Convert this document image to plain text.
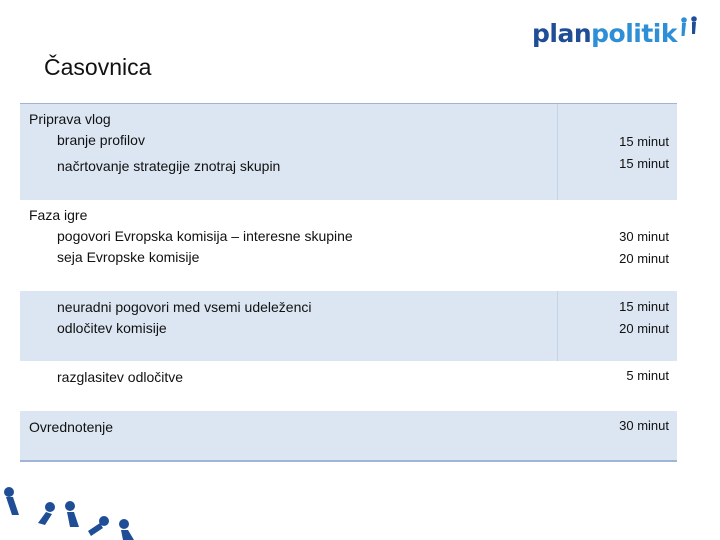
planpolitik
Časovnica
Priprava vlog
branje profilov
načrtovanje strategije znotraj skupin
15 minut
15 minut
Faza igre
pogovori Evropska komisija – interesne skupine
seja Evropske komisije
30 minut
20 minut
neuradni pogovori med vsemi udeleženci
odločitev komisije
15 minut
20 minut
razglasitev odločitve	5 minut
Ovrednotenje	30 minut
